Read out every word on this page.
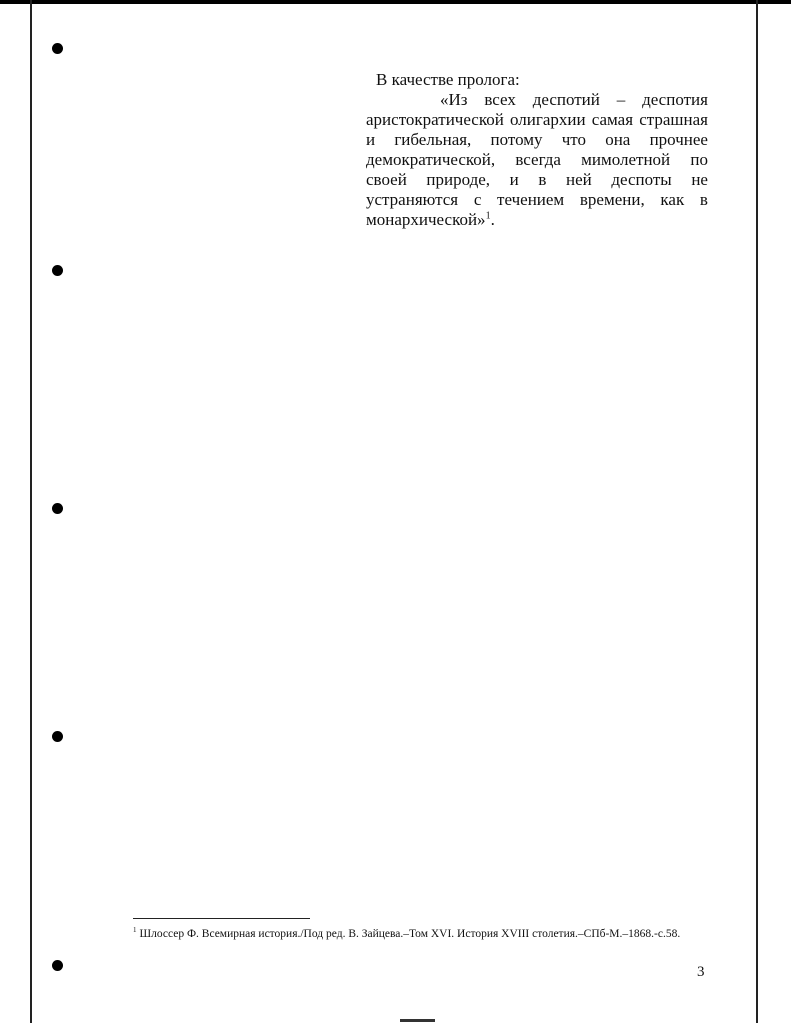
В качестве пролога:
«Из всех деспотий – деспотия
аристократической олигархии самая страшная
и гибельная, потому что она прочнее
демократической, всегда мимолетной по
своей природе, и в ней деспоты не
устраняются с течением времени, как в
монархической»$^1$.
$^1$ Шлоссер Ф. Всемирная история./Под ред. В. Зайцева.–Том XVI. История XVIII столетия.–СПб-М.–1868.-с.58.
3
